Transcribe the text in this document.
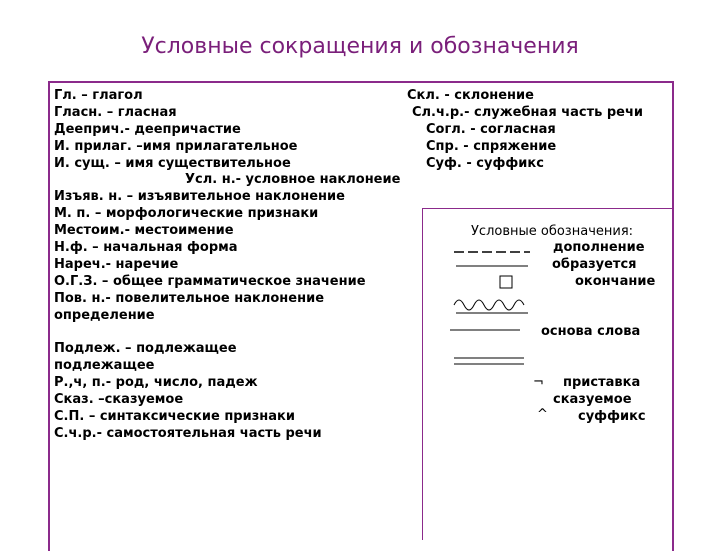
Условные сокращения и обозначения
Гл. – глагол
Гласн. – гласная
Дееприч.- деепричастие
И. прилаг. –имя прилагательное
И. сущ. – имя существительное
Усл. н.- условное наклонеие
Изъяв. н. – изъявительное наклонение
М. п. – морфологические признаки
Местоим.- местоимение
Н.ф. – начальная форма
Нареч.- наречие
О.Г.З. – общее грамматическое значение
Пов. н.- повелительное наклонение
определение
Подлеж. – подлежащее
подлежащее
Р.,ч, п.- род, число, падеж
Сказ. –сказуемое
С.П. – синтаксические признаки
С.ч.р.- самостоятельная часть речи
Скл. - склонение
Сл.ч.р.- служебная часть речи
Согл. - согласная
Спр. - спряжение
Суф. - суффикс
Условные обозначения:
дополнение
образуется
окончание
основа слова
¬ приставка
сказуемое
^ суффикс
